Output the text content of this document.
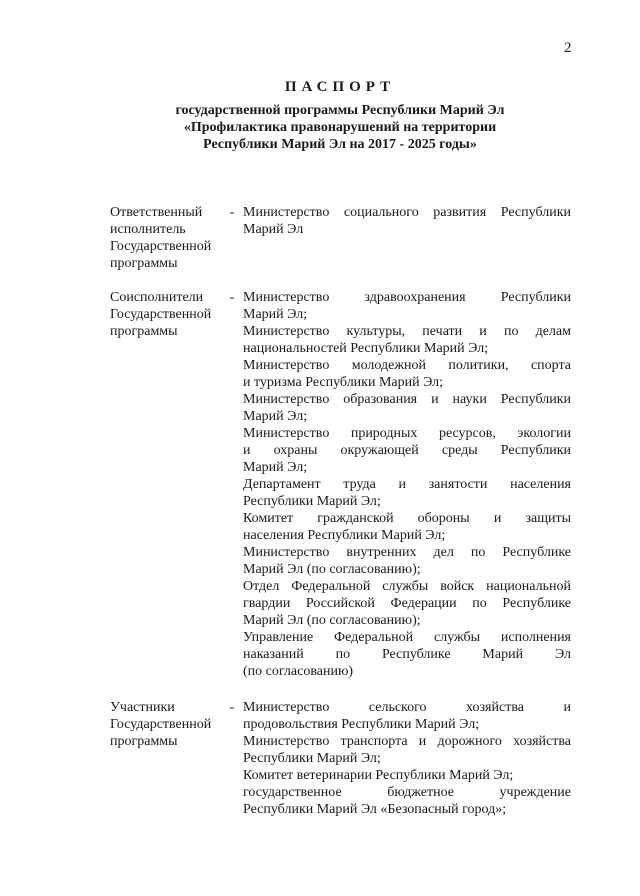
2
ПАСПОРТ
государственной программы Республики Марий Эл
«Профилактика правонарушений на территории
Республики Марий Эл на 2017 - 2025 годы»
Ответственный
исполнитель
Государственной
программы
- Министерство социального развития Республики
Марий Эл
Соисполнители
Государственной
программы
- Министерство здравоохранения Республики
Марий Эл;
Министерство культуры, печати и по делам
национальностей Республики Марий Эл;
Министерство молодежной политики, спорта
и туризма Республики Марий Эл;
Министерство образования и науки Республики
Марий Эл;
Министерство природных ресурсов, экологии
и охраны окружающей среды Республики
Марий Эл;
Департамент труда и занятости населения
Республики Марий Эл;
Комитет гражданской обороны и защиты
населения Республики Марий Эл;
Министерство внутренних дел по Республике
Марий Эл (по согласованию);
Отдел Федеральной службы войск национальной
гвардии Российской Федерации по Республике
Марий Эл (по согласованию);
Управление Федеральной службы исполнения
наказаний по Республике Марий Эл
(по согласованию)
Участники
Государственной
программы
- Министерство сельского хозяйства и
продовольствия Республики Марий Эл;
Министерство транспорта и дорожного хозяйства
Республики Марий Эл;
Комитет ветеринарии Республики Марий Эл;
государственное бюджетное учреждение
Республики Марий Эл «Безопасный город»;
